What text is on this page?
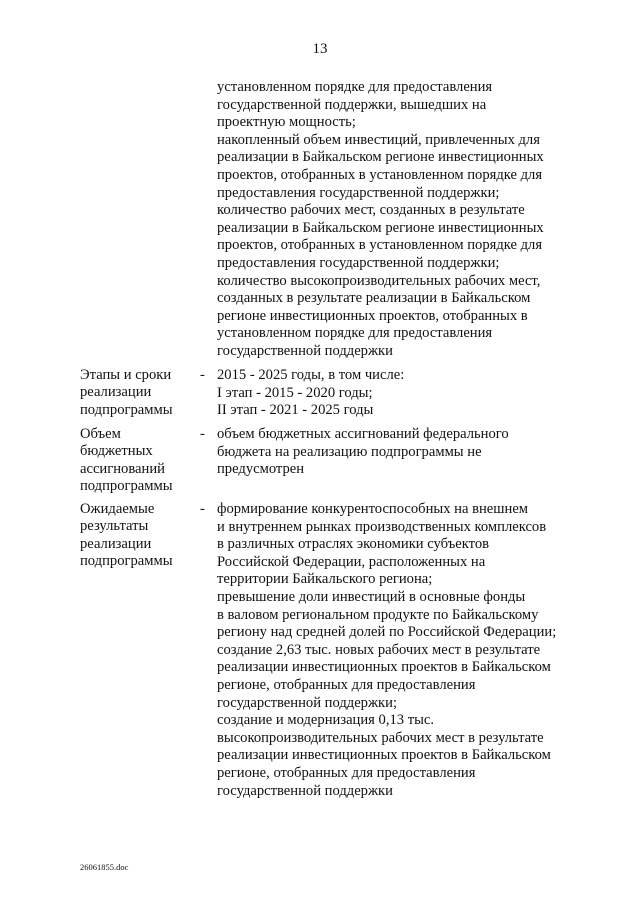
13
установленном порядке для предоставления
государственной поддержки, вышедших на
проектную мощность;
накопленный объем инвестиций, привлеченных для
реализации в Байкальском регионе инвестиционных
проектов, отобранных в установленном порядке для
предоставления государственной поддержки;
количество рабочих мест, созданных в результате
реализации в Байкальском регионе инвестиционных
проектов, отобранных в установленном порядке для
предоставления государственной поддержки;
количество высокопроизводительных рабочих мест,
созданных в результате реализации в Байкальском
регионе инвестиционных проектов, отобранных в
установленном порядке для предоставления
государственной поддержки
Этапы и сроки
реализации
подпрограммы
- 2015 - 2025 годы, в том числе:
I этап - 2015 - 2020 годы;
II этап - 2021 - 2025 годы
Объем
бюджетных
ассигнований
подпрограммы
- объем бюджетных ассигнований федерального
бюджета на реализацию подпрограммы не
предусмотрен
Ожидаемые
результаты
реализации
подпрограммы
- формирование конкурентоспособных на внешнем
и внутреннем рынках производственных комплексов
в различных отраслях экономики субъектов
Российской Федерации, расположенных на
территории Байкальского региона;
превышение доли инвестиций в основные фонды
в валовом региональном продукте по Байкальскому
региону над средней долей по Российской Федерации;
создание 2,63 тыс. новых рабочих мест в результате
реализации инвестиционных проектов в Байкальском
регионе, отобранных для предоставления
государственной поддержки;
создание и модернизация 0,13 тыс.
высокопроизводительных рабочих мест в результате
реализации инвестиционных проектов в Байкальском
регионе, отобранных для предоставления
государственной поддержки
26061855.doc
